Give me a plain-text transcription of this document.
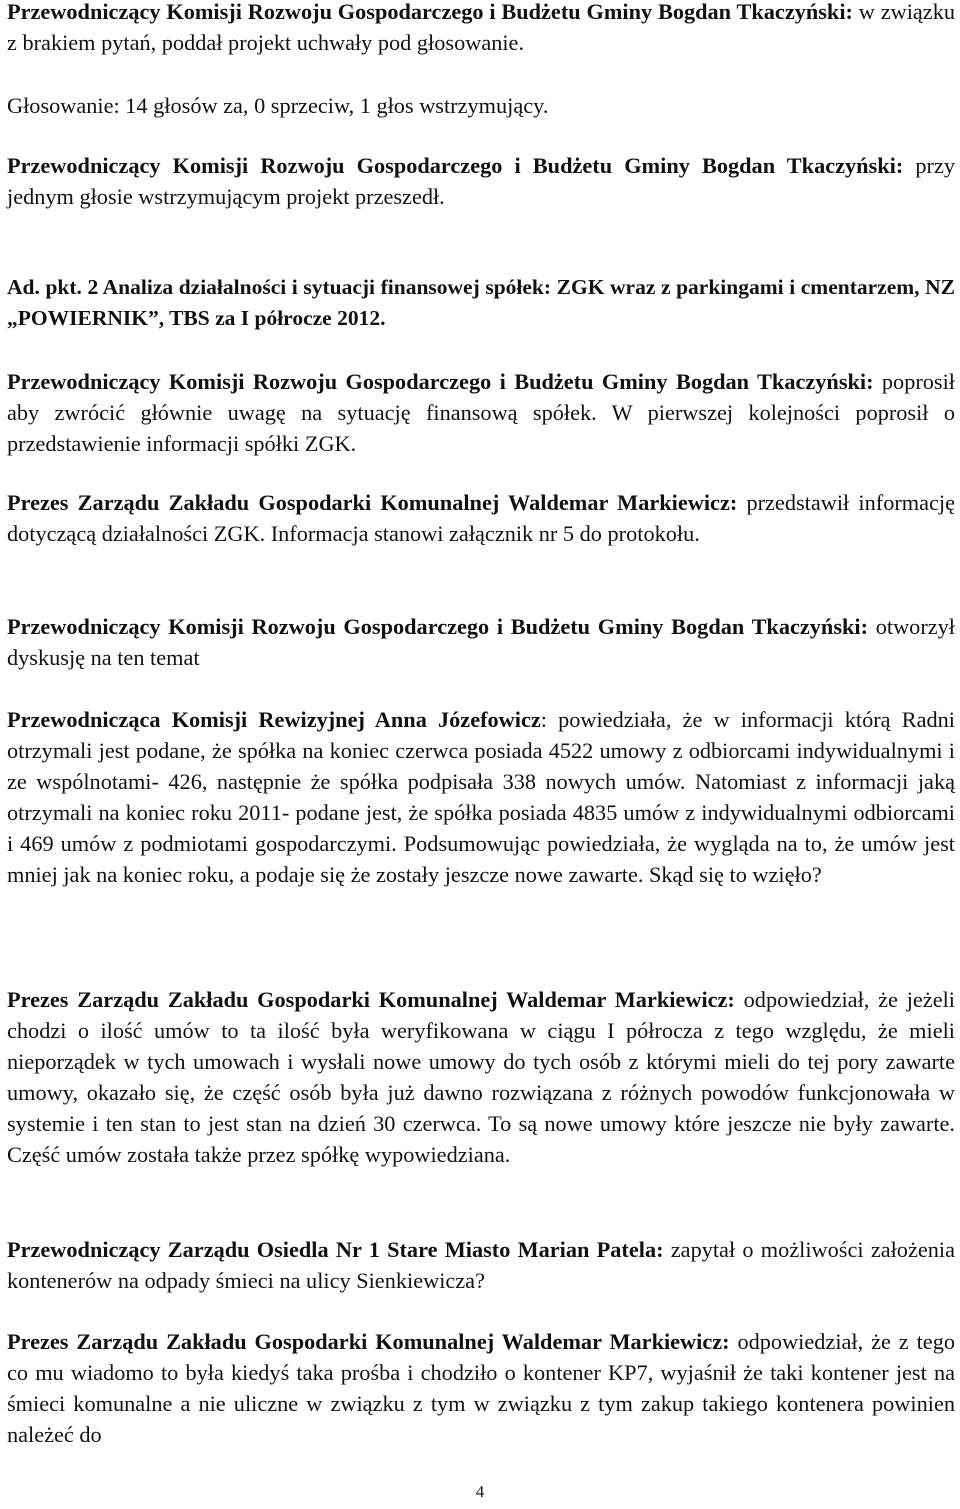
Przewodniczący Komisji Rozwoju Gospodarczego i Budżetu Gminy Bogdan Tkaczyński: w związku z brakiem pytań, poddał projekt uchwały pod głosowanie.

Głosowanie: 14 głosów za, 0 sprzeciw, 1 głos wstrzymujący.

Przewodniczący Komisji Rozwoju Gospodarczego i Budżetu Gminy Bogdan Tkaczyński: przy jednym głosie wstrzymującym projekt przeszedł.

Ad. pkt. 2 Analiza działalności i sytuacji finansowej spółek: ZGK wraz z parkingami i cmentarzem, NZ „POWIERNIK”, TBS za I półrocze 2012.

Przewodniczący Komisji Rozwoju Gospodarczego i Budżetu Gminy Bogdan Tkaczyński: poprosił aby zwrócić głównie uwagę na sytuację finansową spółek. W pierwszej kolejności poprosił o przedstawienie informacji spółki ZGK.

Prezes Zarządu Zakładu Gospodarki Komunalnej Waldemar Markiewicz: przedstawił informację dotyczącą działalności ZGK. Informacja stanowi załącznik nr 5 do protokołu.

Przewodniczący Komisji Rozwoju Gospodarczego i Budżetu Gminy Bogdan Tkaczyński: otworzył dyskusję na ten temat

Przewodnicząca Komisji Rewizyjnej Anna Józefowicz: powiedziała, że w informacji którą Radni otrzymali jest podane, że spółka na koniec czerwca posiada 4522 umowy z odbiorcami indywidualnymi i ze wspólnotami- 426, następnie że spółka podpisała 338 nowych umów. Natomiast z informacji jaką otrzymali na koniec roku 2011- podane jest, że spółka posiada 4835 umów z indywidualnymi odbiorcami i 469 umów z podmiotami gospodarczymi. Podsumowując powiedziała, że wygląda na to, że umów jest mniej jak na koniec roku, a podaje się że zostały jeszcze nowe zawarte. Skąd się to wzięło?

Prezes Zarządu Zakładu Gospodarki Komunalnej Waldemar Markiewicz: odpowiedział, że jeżeli chodzi o ilość umów to ta ilość była weryfikowana w ciągu I półrocza z tego względu, że mieli nieporządek w tych umowach i wysłali nowe umowy do tych osób z którymi mieli do tej pory zawarte umowy, okazało się, że część osób była już dawno rozwiązana z różnych powodów funkcjonowała w systemie i ten stan to jest stan na dzień 30 czerwca. To są nowe umowy które jeszcze nie były zawarte. Część umów została także przez spółkę wypowiedziana.

Przewodniczący Zarządu Osiedla Nr 1 Stare Miasto Marian Patela: zapytał o możliwości założenia kontenerów na odpady śmieci na ulicy Sienkiewicza?

Prezes Zarządu Zakładu Gospodarki Komunalnej Waldemar Markiewicz: odpowiedział, że z tego co mu wiadomo to była kiedyś taka prośba i chodziło o kontener KP7, wyjaśnił że taki kontener jest na śmieci komunalne a nie uliczne w związku z tym w związku z tym zakup takiego kontenera powinien należeć do

4
